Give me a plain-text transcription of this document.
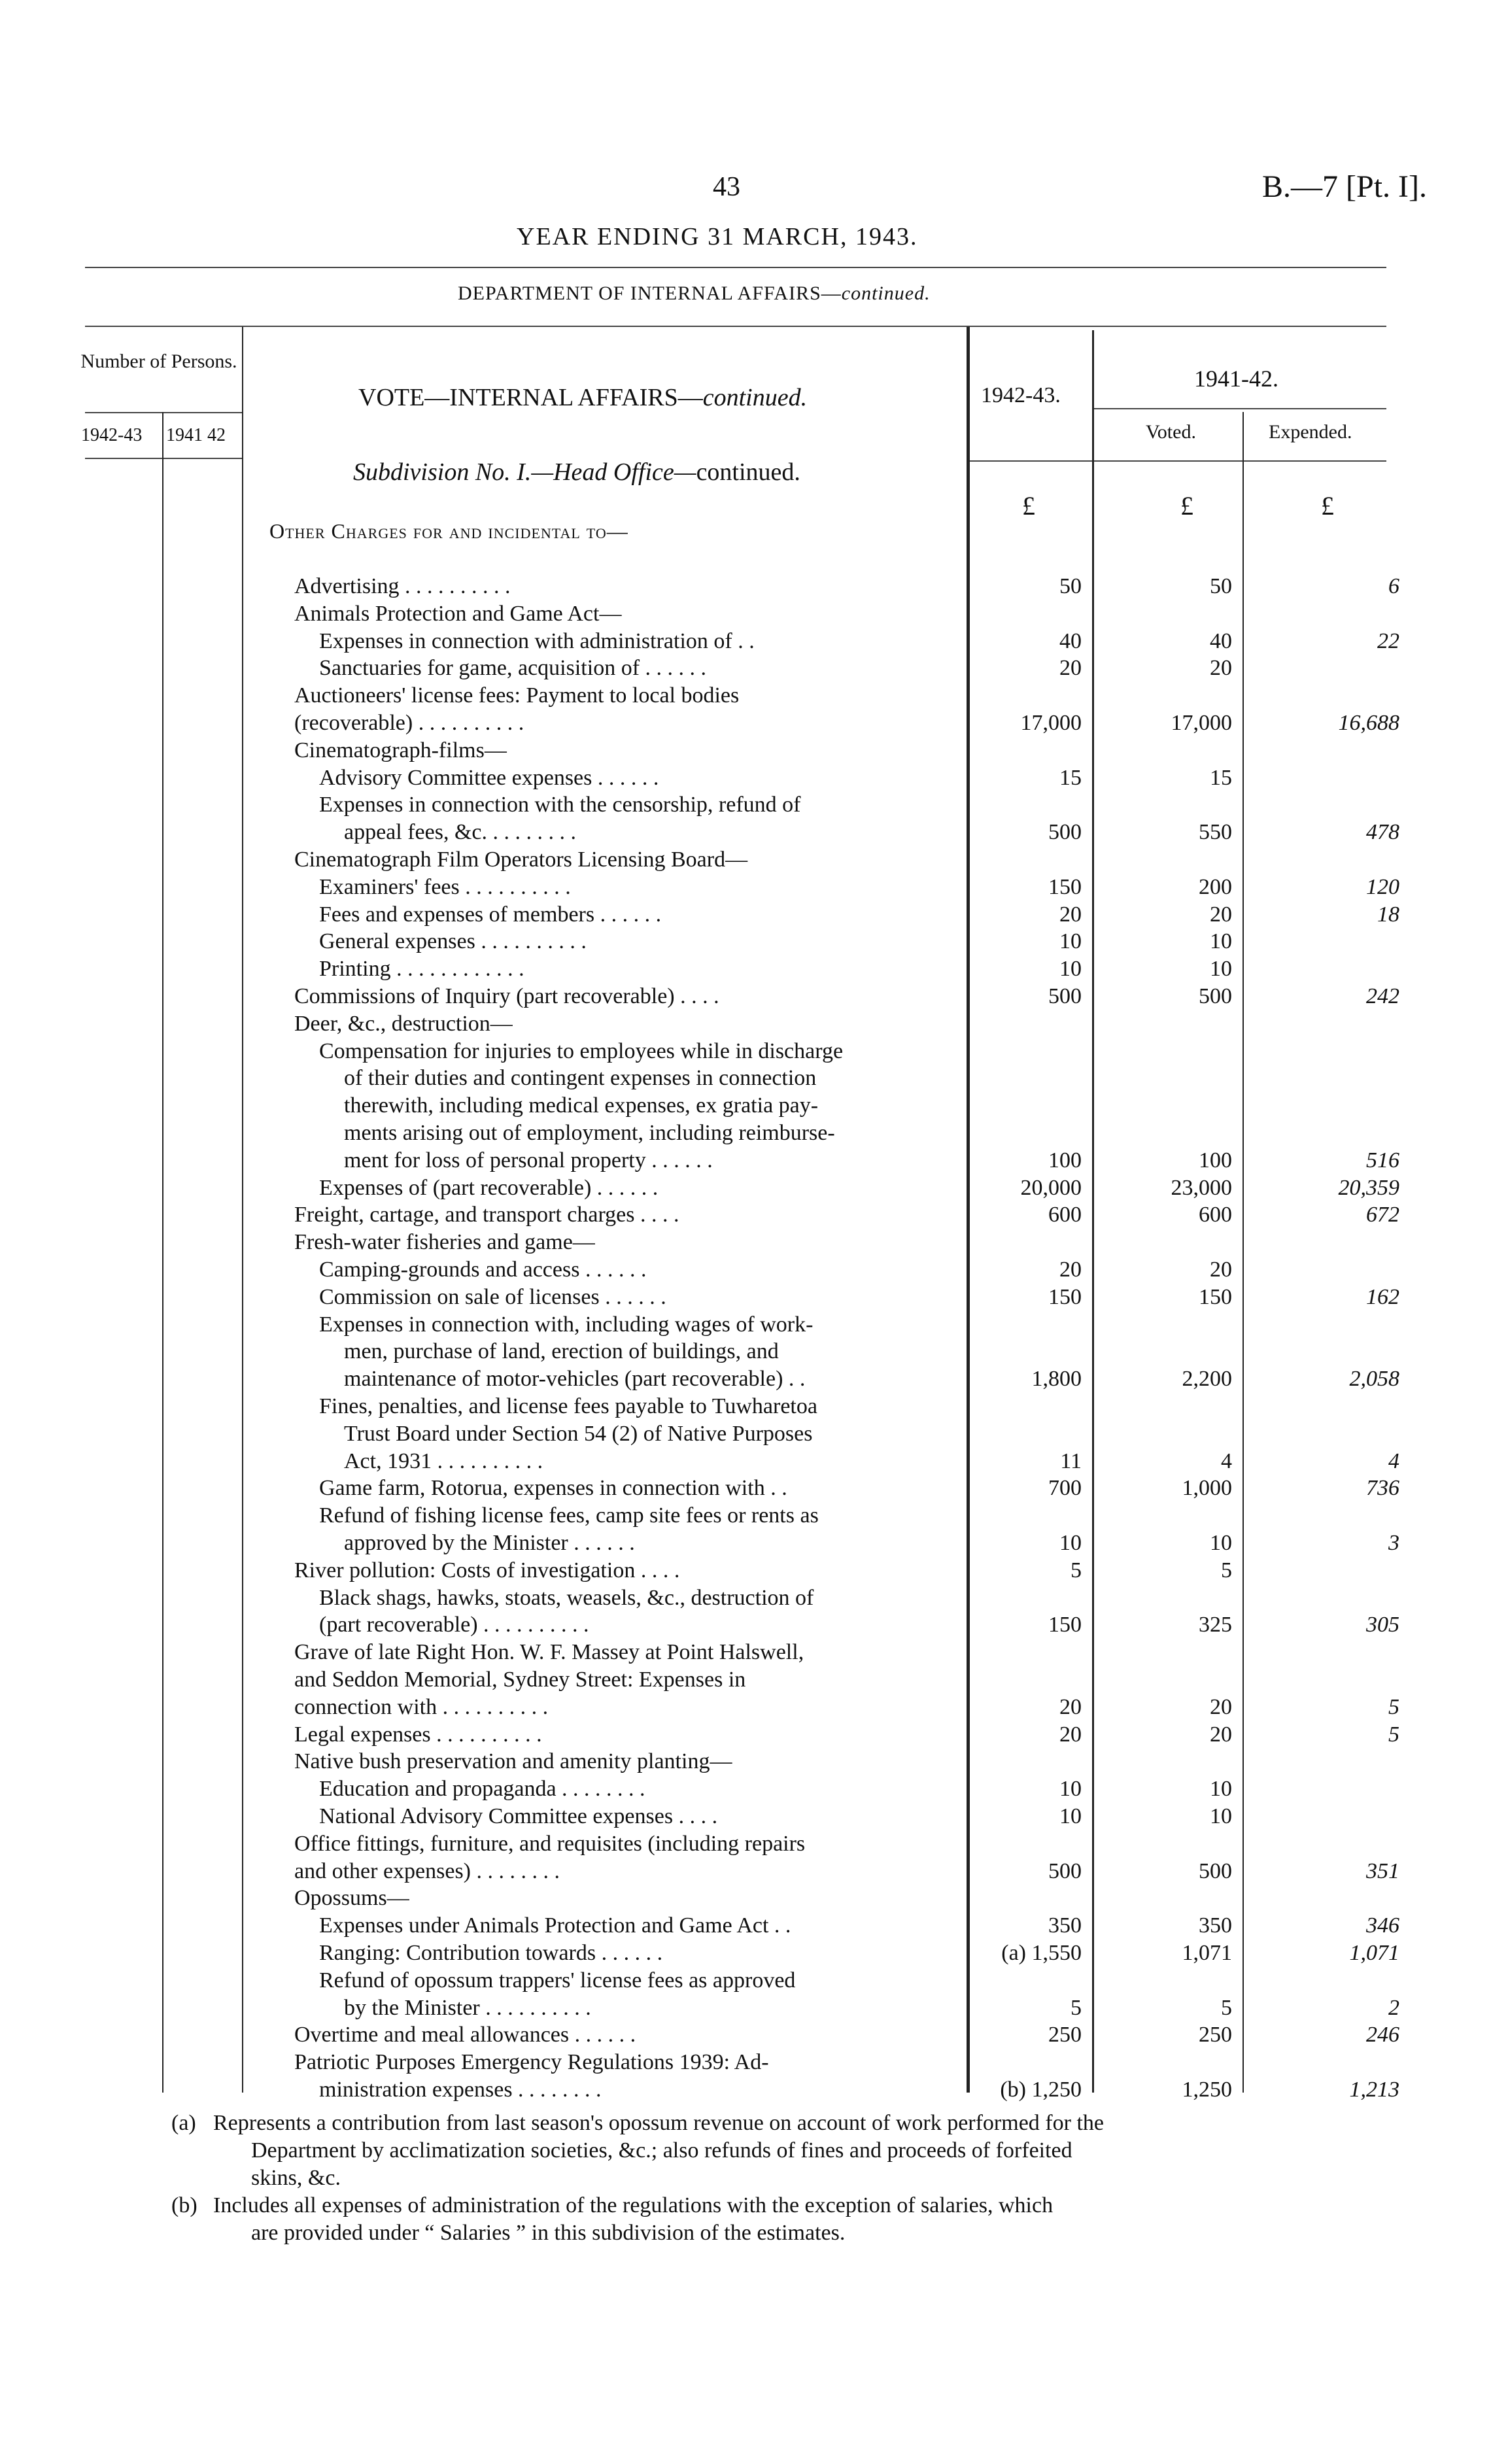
43	B.—7 [Pt. I].
YEAR ENDING 31 MARCH, 1943.
DEPARTMENT OF INTERNAL AFFAIRS—continued.
Number of Persons.
1942-43 1941 42
VOTE—INTERNAL AFFAIRS—continued.	1942-43.
1941-42.
Voted.	Expended.
Subdivision No. I.—Head Office—continued.
Other Charges for and incidental to—
£	£	£
Advertising . . . . . . . . . .	50	50	6
Animals Protection and Game Act—
Expenses in connection with administration of . .	40	40	22
Sanctuaries for game, acquisition of . . . . . .	20	20
Auctioneers' license fees: Payment to local bodies
(recoverable) . . . . . . . . . .	17,000	17,000	16,688
Cinematograph-films—
Advisory Committee expenses . . . . . .	15	15
Expenses in connection with the censorship, refund of
appeal fees, &c. . . . . . . . .	500	550	478
Cinematograph Film Operators Licensing Board—
Examiners' fees . . . . . . . . . .	150	200	120
Fees and expenses of members . . . . . .	20	20	18
General expenses . . . . . . . . . .	10	10
Printing . . . . . . . . . . . .	10	10
Commissions of Inquiry (part recoverable) . . . .	500	500	242
Deer, &c., destruction—
Compensation for injuries to employees while in discharge
of their duties and contingent expenses in connection
therewith, including medical expenses, ex gratia pay-
ments arising out of employment, including reimburse-
ment for loss of personal property . . . . . .	100	100	516
Expenses of (part recoverable) . . . . . .	20,000	23,000	20,359
Freight, cartage, and transport charges . . . .	600	600	672
Fresh-water fisheries and game—
Camping-grounds and access . . . . . .	20	20
Commission on sale of licenses . . . . . .	150	150	162
Expenses in connection with, including wages of work-
men, purchase of land, erection of buildings, and
maintenance of motor-vehicles (part recoverable) . .	1,800	2,200	2,058
Fines, penalties, and license fees payable to Tuwharetoa
Trust Board under Section 54 (2) of Native Purposes
Act, 1931 . . . . . . . . . .	11	4	4
Game farm, Rotorua, expenses in connection with . .	700	1,000	736
Refund of fishing license fees, camp site fees or rents as
approved by the Minister . . . . . .	10	10	3
River pollution: Costs of investigation . . . .	5	5
Black shags, hawks, stoats, weasels, &c., destruction of
(part recoverable) . . . . . . . . . .	150	325	305
Grave of late Right Hon. W. F. Massey at Point Halswell,
and Seddon Memorial, Sydney Street: Expenses in
connection with . . . . . . . . . .	20	20	5
Legal expenses . . . . . . . . . .	20	20	5
Native bush preservation and amenity planting—
Education and propaganda . . . . . . . .	10	10
National Advisory Committee expenses . . . .	10	10
Office fittings, furniture, and requisites (including repairs
and other expenses) . . . . . . . .	500	500	351
Opossums—
Expenses under Animals Protection and Game Act . .	350	350	346
Ranging: Contribution towards . . . . . .	(a) 1,550	1,071	1,071
Refund of opossum trappers' license fees as approved
by the Minister . . . . . . . . . .	5	5	2
Overtime and meal allowances . . . . . .	250	250	246
Patriotic Purposes Emergency Regulations 1939: Ad-
ministration expenses . . . . . . . .	(b) 1,250	1,250	1,213
(a) Represents a contribution from last season's opossum revenue on account of work performed for the
Department by acclimatization societies, &c.; also refunds of fines and proceeds of forfeited
skins, &c.
(b) Includes all expenses of administration of the regulations with the exception of salaries, which
are provided under “ Salaries ” in this subdivision of the estimates.
